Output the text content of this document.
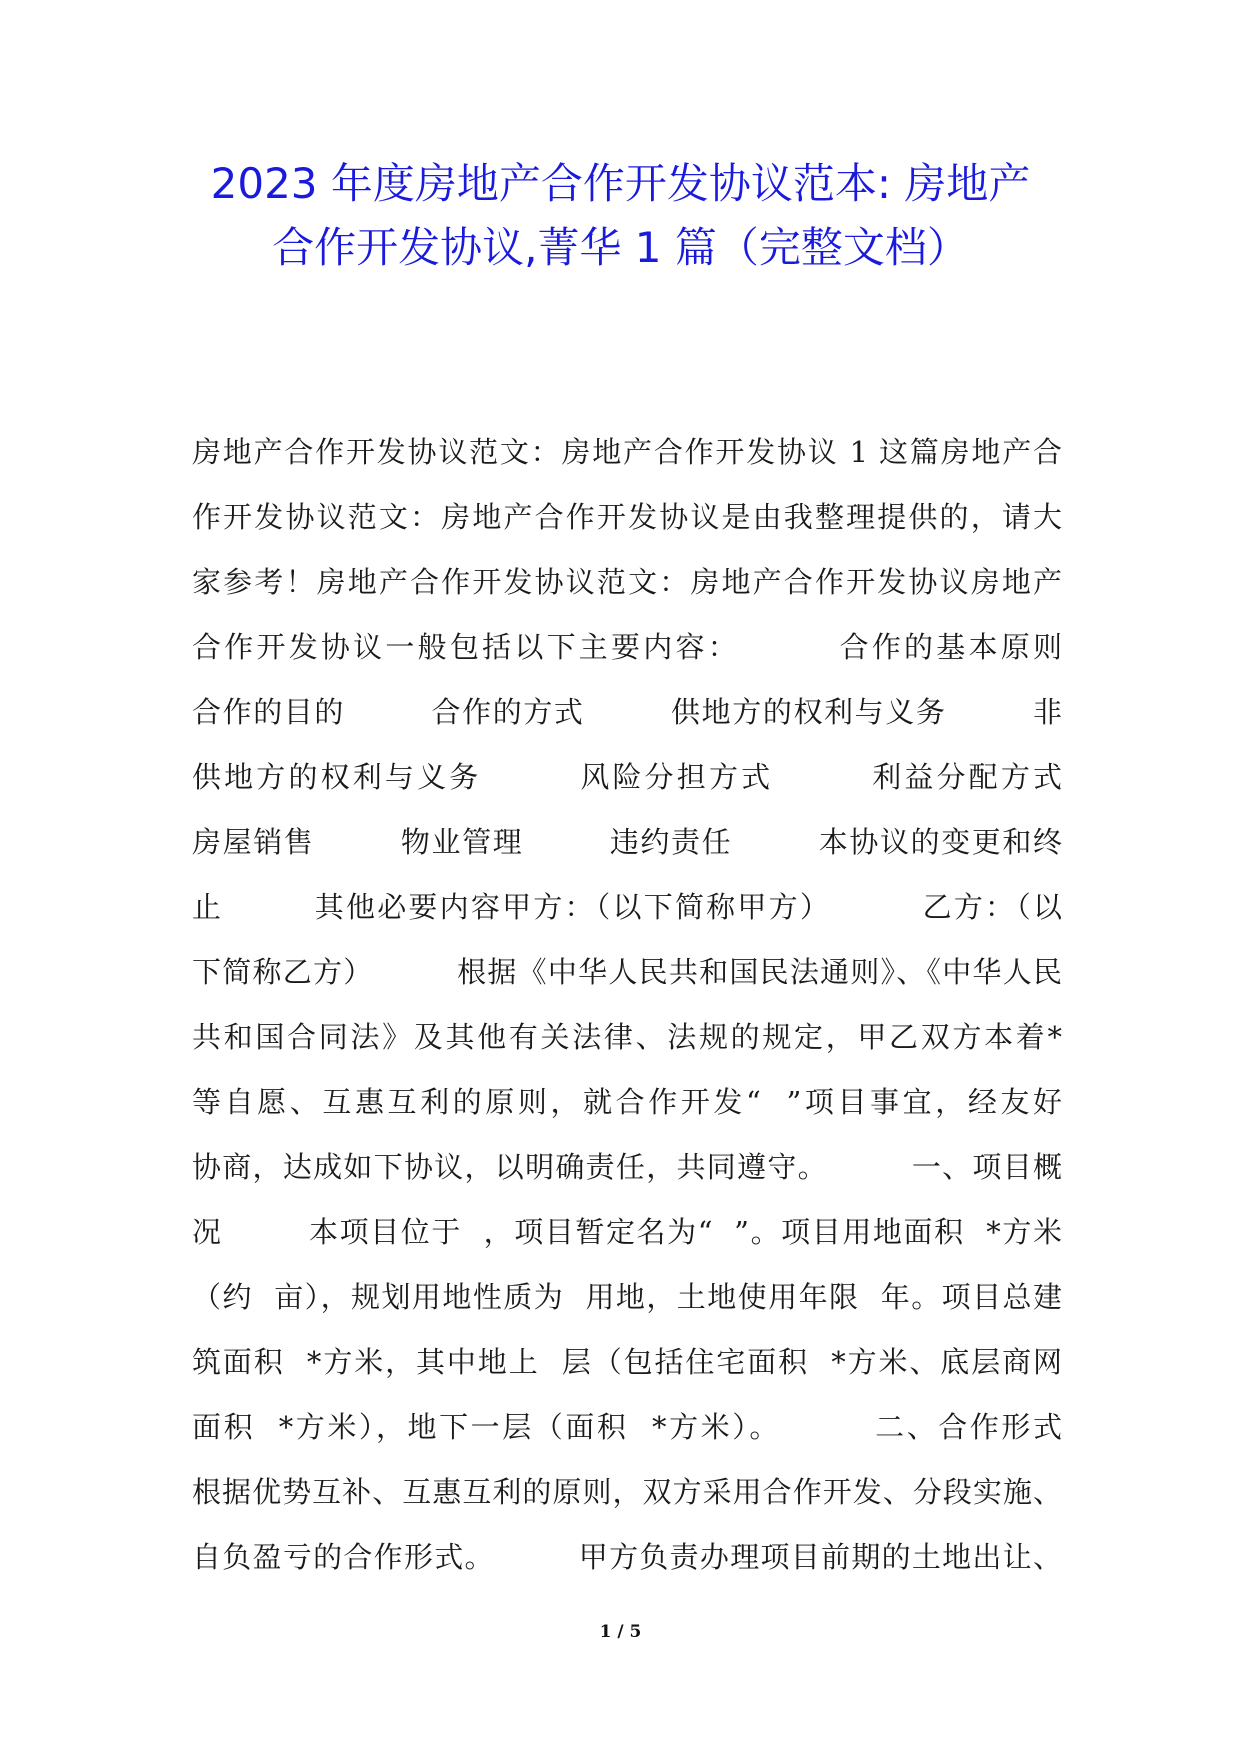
2023 年度房地产合作开发协议范本: 房地产
合作开发协议,菁华 1 篇（完整文档）
房地产合作开发协议范文：房地产合作开发协议 1 这篇房地产合
作开发协议范文：房地产合作开发协议是由我整理提供的，请大
家参考！房地产合作开发协议范文：房地产合作开发协议房地产
合作开发协议一般包括以下主要内容：        合作的基本原则
合作的目的        合作的方式        供地方的权利与义务        非
供地方的权利与义务        风险分担方式        利益分配方式
房屋销售        物业管理        违约责任        本协议的变更和终
止        其他必要内容甲方：（以下简称甲方）        乙方：（以
下简称乙方）        根据《中华人民共和国民法通则》、《中华人民
共和国合同法》及其他有关法律、法规的规定，甲乙双方本着*
等自愿、互惠互利的原则，就合作开发“  ”项目事宜，经友好
协商，达成如下协议，以明确责任，共同遵守。        一、项目概
况        本项目位于  ，项目暂定名为“  ”。项目用地面积  *方米
（约  亩），规划用地性质为  用地，土地使用年限  年。项目总建
筑面积  *方米，其中地上  层（包括住宅面积  *方米、底层商网
面积  *方米），地下一层（面积  *方米）。        二、合作形式
根据优势互补、互惠互利的原则，双方采用合作开发、分段实施、
自负盈亏的合作形式。        甲方负责办理项目前期的土地出让、
1 / 5
